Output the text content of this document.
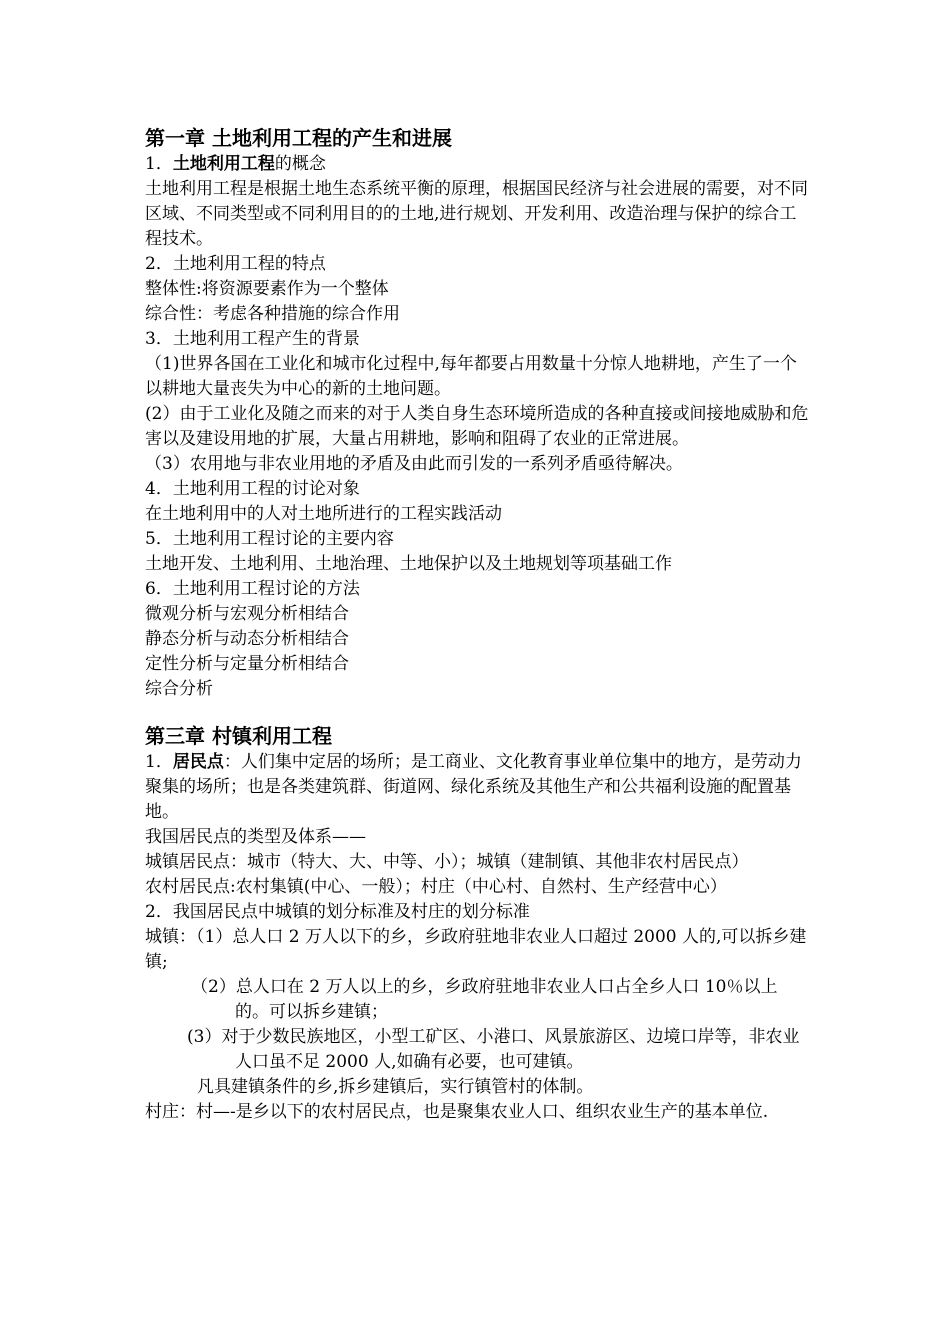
第一章 土地利用工程的产生和进展

1．土地利用工程的概念

土地利用工程是根据土地生态系统平衡的原理，根据国民经济与社会进展的需要，对不同区域、不同类型或不同利用目的的土地,进行规划、开发利用、改造治理与保护的综合工程技术。

2．土地利用工程的特点

整体性:将资源要素作为一个整体

综合性：考虑各种措施的综合作用

3．土地利用工程产生的背景

（1)世界各国在工业化和城市化过程中,每年都要占用数量十分惊人地耕地，产生了一个以耕地大量丧失为中心的新的土地问题。

(2）由于工业化及随之而来的对于人类自身生态环境所造成的各种直接或间接地威胁和危害以及建设用地的扩展，大量占用耕地，影响和阻碍了农业的正常进展。

（3）农用地与非农业用地的矛盾及由此而引发的一系列矛盾亟待解决。

4．土地利用工程的讨论对象

在土地利用中的人对土地所进行的工程实践活动

5．土地利用工程讨论的主要内容

土地开发、土地利用、土地治理、土地保护以及土地规划等项基础工作

6．土地利用工程讨论的方法

微观分析与宏观分析相结合

静态分析与动态分析相结合

定性分析与定量分析相结合

综合分析

第三章 村镇利用工程

1．居民点：人们集中定居的场所；是工商业、文化教育事业单位集中的地方，是劳动力聚集的场所；也是各类建筑群、街道网、绿化系统及其他生产和公共福利设施的配置基地。

我国居民点的类型及体系——

城镇居民点：城市（特大、大、中等、小）；城镇（建制镇、其他非农村居民点）

农村居民点:农村集镇(中心、一般）；村庄（中心村、自然村、生产经营中心）

2．我国居民点中城镇的划分标准及村庄的划分标准

城镇：（1）总人口 2 万人以下的乡，乡政府驻地非农业人口超过 2000 人的,可以拆乡建镇;

（2）总人口在 2 万人以上的乡，乡政府驻地非农业人口占全乡人口 10％以上的。可以拆乡建镇；

(3）对于少数民族地区，小型工矿区、小港口、风景旅游区、边境口岸等，非农业人口虽不足 2000 人,如确有必要，也可建镇。

凡具建镇条件的乡,拆乡建镇后，实行镇管村的体制。

村庄：村—-是乡以下的农村居民点，也是聚集农业人口、组织农业生产的基本单位.
